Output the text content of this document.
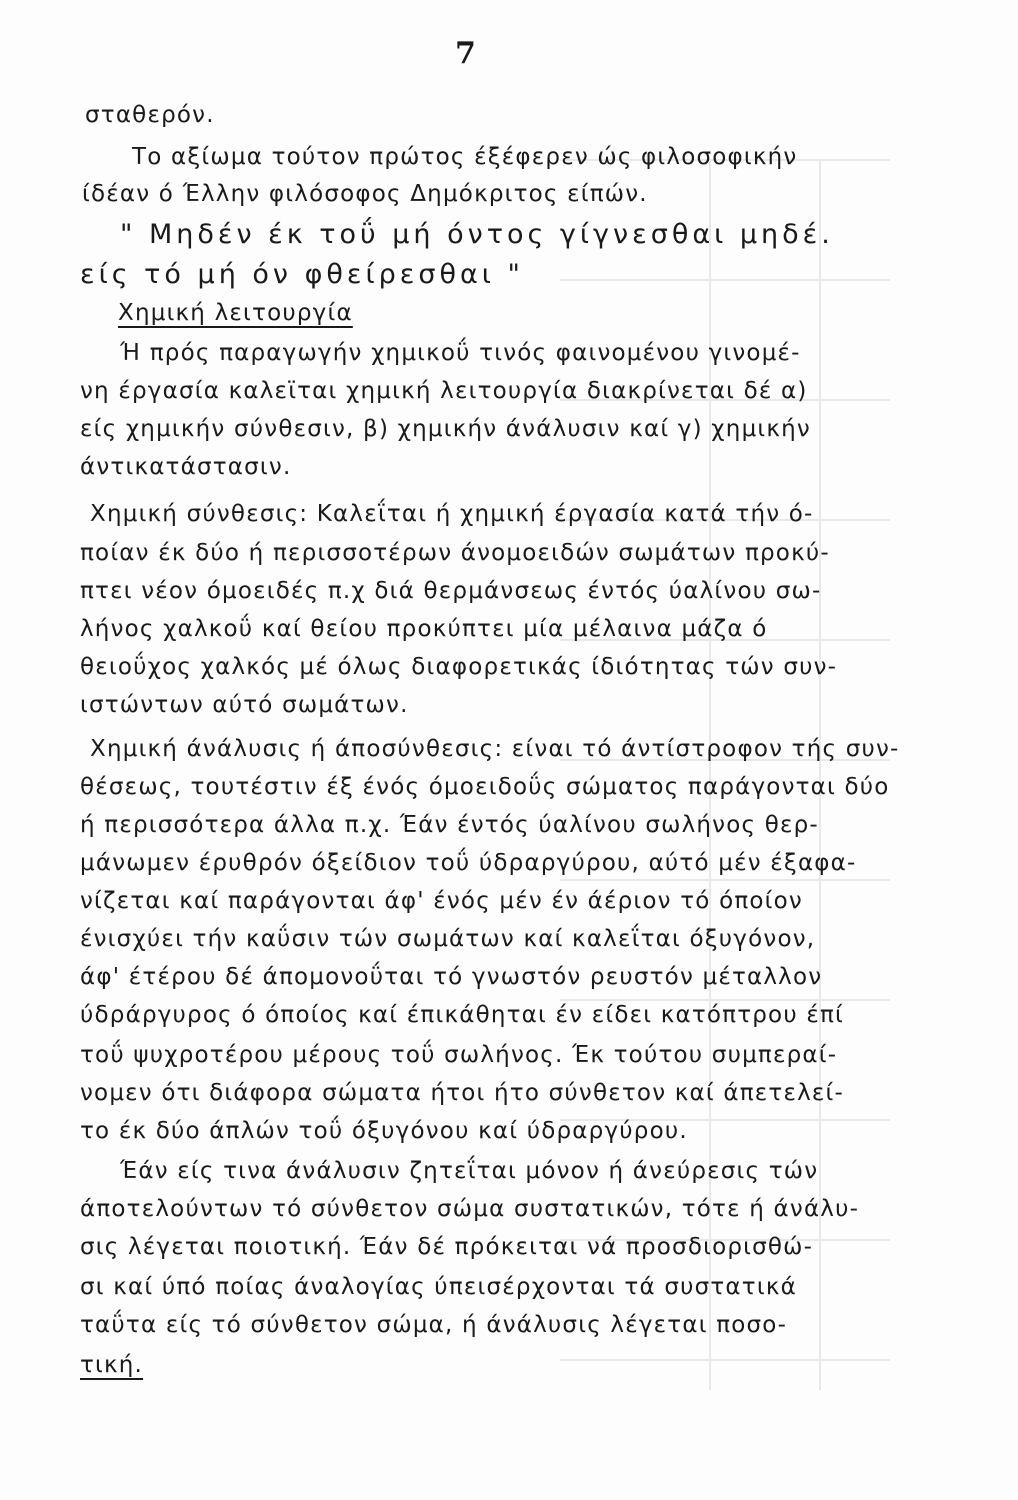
7
σταθερόν.
Το αξίωμα τούτον πρώτος έξέφερεν ώς φιλοσοφικήν
ίδέαν ό Έλλην φιλόσοφος Δημόκριτος είπών.
" Μηδέν έκ τοΰ μή όντος γίγνεσθαι μηδέ.
είς τό μή όν φθείρεσθαι "
Χημική λειτουργία
Ή πρός παραγωγήν χημικοΰ τινός φαινομένου γινομέ-
νη έργασία καλεϊται χημική λειτουργία διακρίνεται δέ α)
είς χημικήν σύνθεσιν, β) χημικήν άνάλυσιν καί γ) χημικήν
άντικατάστασιν.
Χημική σύνθεσις: Καλεΐται ή χημική έργασία κατά τήν ό-
ποίαν έκ δύο ή περισσοτέρων άνομοειδών σωμάτων προκύ-
πτει νέον όμοειδές π.χ διά θερμάνσεως έντός ύαλίνου σω-
λήνος χαλκοΰ καί θείου προκύπτει μία μέλαινα μάζα ό
θειοΰχος χαλκός μέ όλως διαφορετικάς ίδιότητας τών συν-
ιστώντων αύτό σωμάτων.
Χημική άνάλυσις ή άποσύνθεσις: είναι τό άντίστροφον τής συν-
θέσεως, τουτέστιν έξ ένός όμοειδοΰς σώματος παράγονται δύο
ή περισσότερα άλλα π.χ. Έάν έντός ύαλίνου σωλήνος θερ-
μάνωμεν έρυθρόν όξείδιον τοΰ ύδραργύρου, αύτό μέν έξαφα-
νίζεται καί παράγονται άφ' ένός μέν έν άέριον τό όποίον
ένισχύει τήν καΰσιν τών σωμάτων καί καλεΐται όξυγόνον,
άφ' έτέρου δέ άπομονοΰται τό γνωστόν ρευστόν μέταλλον
ύδράργυρος ό όποίος καί έπικάθηται έν είδει κατόπτρου έπί
τοΰ ψυχροτέρου μέρους τοΰ σωλήνος. Έκ τούτου συμπεραί-
νομεν ότι διάφορα σώματα ήτοι ήτο σύνθετον καί άπετελεί-
το έκ δύο άπλών τοΰ όξυγόνου καί ύδραργύρου.
Έάν είς τινα άνάλυσιν ζητεΐται μόνον ή άνεύρεσις τών
άποτελούντων τό σύνθετον σώμα συστατικών, τότε ή άνάλυ-
σις λέγεται ποιοτική. Έάν δέ πρόκειται νά προσδιορισθώ-
σι καί ύπό ποίας άναλογίας ύπεισέρχονται τά συστατικά
ταΰτα είς τό σύνθετον σώμα, ή άνάλυσις λέγεται ποσο-
τική.
